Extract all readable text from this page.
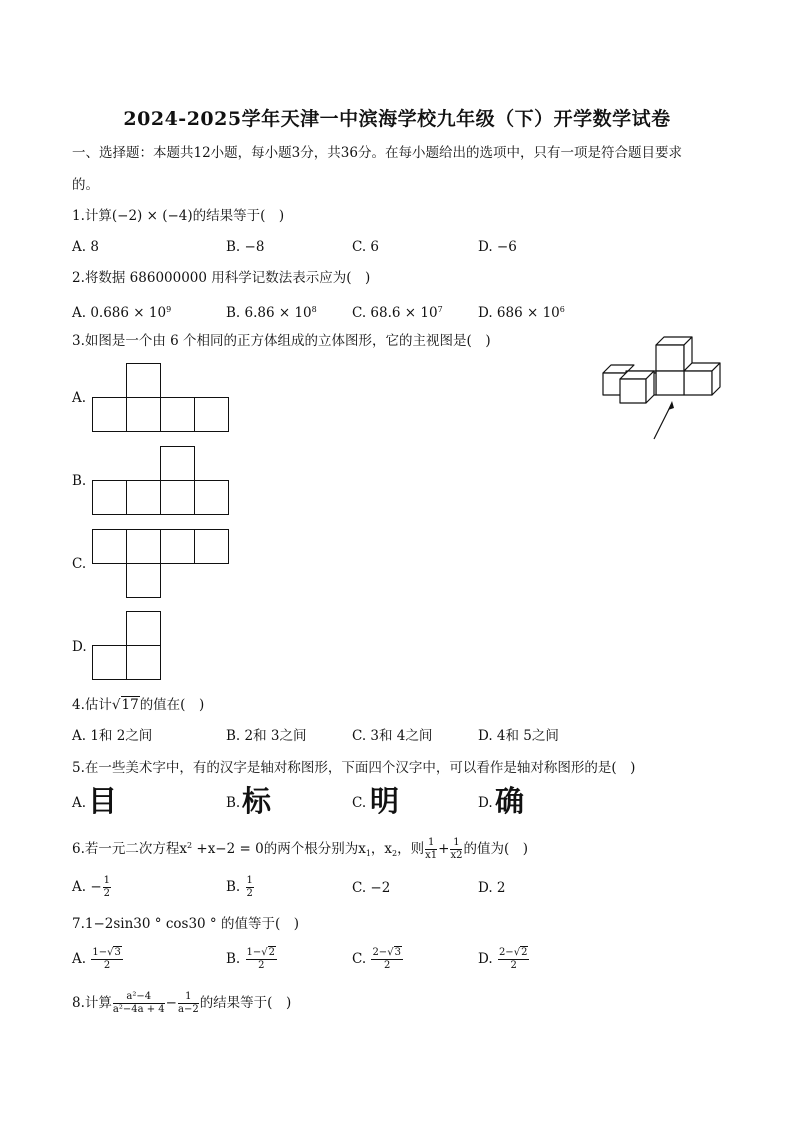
2024-2025学年天津一中滨海学校九年级（下）开学数学试卷
一、选择题：本题共12小题，每小题3分，共36分。在每小题给出的选项中，只有一项是符合题目要求
的。
1.计算(−2) × (−4)的结果等于(　)
A. 8	B. −8	C. 6	D. −6
2.将数据 686000000 用科学记数法表示应为(　)
A. $0.686 \times 10^9$	B. $6.86 \times 10^8$	C. $68.6 \times 10^7$	D. $686 \times 10^6$
3.如图是一个由 6 个相同的正方体组成的立体图形，它的主视图是(　)
A.
B.
C.
D.
4.估计√17的值在(　)
A. 1和 2之间	B. 2和 3之间	C. 3和 4之间	D. 4和 5之间
5.在一些美术字中，有的汉字是轴对称图形，下面四个汉字中，可以看作是轴对称图形的是(　)
A. 目	B. 标	C. 明	D. 确
6.若一元二次方程$x^2 +x-2 = 0$的两个根分别为$x_1$，$x_2$，则 $\frac{1}{x1} + \frac{1}{x2}$ 的值为(　)
A. − $\frac{1}{2}$	B. $\frac{1}{2}$	C. −2	D. 2
7.1−2sin30 ° cos30 ° 的值等于(　)
A. $\frac{1-√3}{2}$	B. $\frac{1-√2}{2}$	C. $\frac{2-√3}{2}$	D. $\frac{2-√2}{2}$
8.计算 $\frac{\text{a²−4}}{\text{a²−4a + 4}} - \frac{1}{a-2}$ 的结果等于(　)
